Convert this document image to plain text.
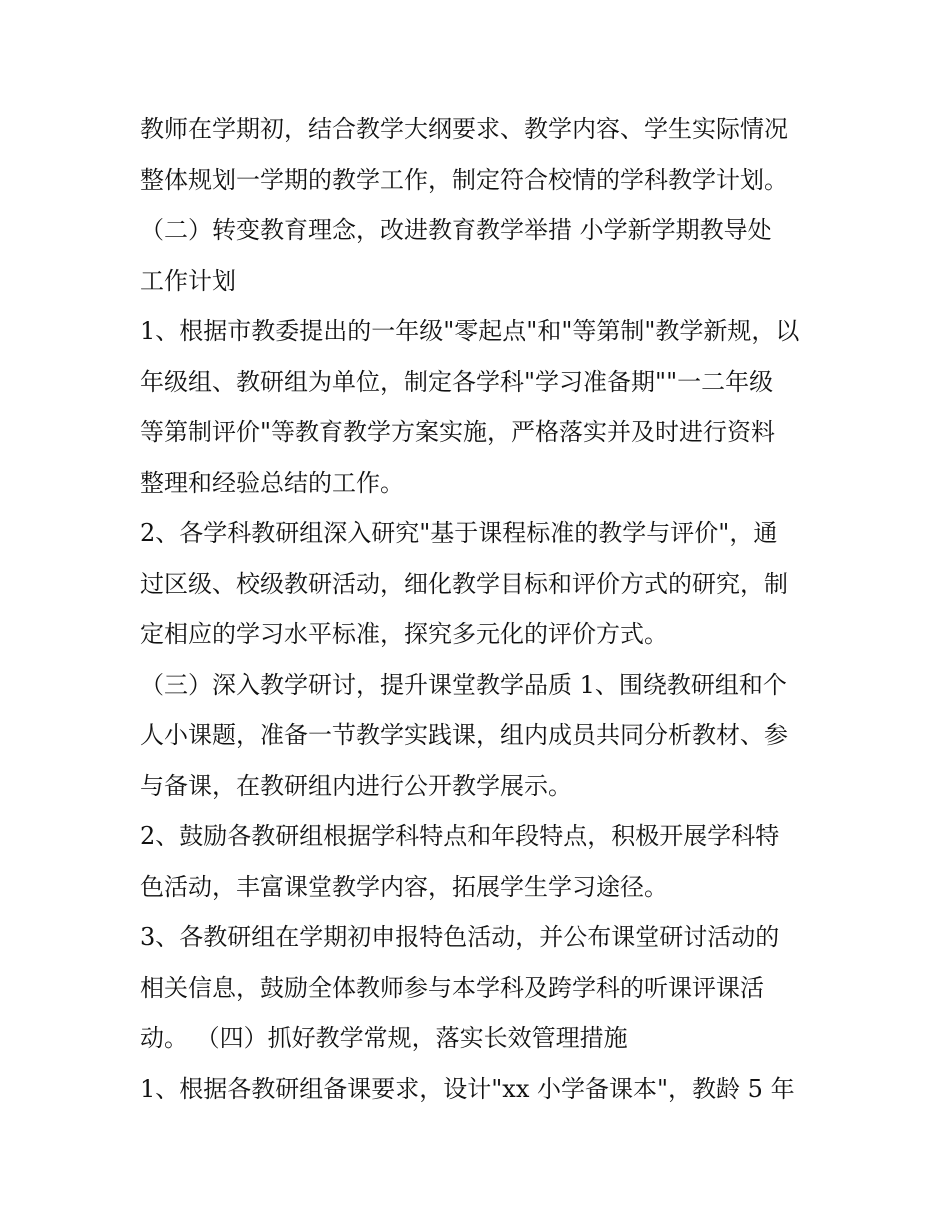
教师在学期初，结合教学大纲要求、教学内容、学生实际情况
整体规划一学期的教学工作，制定符合校情的学科教学计划。
（二）转变教育理念，改进教育教学举措 小学新学期教导处
工作计划
1、根据市教委提出的一年级"零起点"和"等第制"教学新规，以
年级组、教研组为单位，制定各学科"学习准备期""一二年级
等第制评价"等教育教学方案实施，严格落实并及时进行资料
整理和经验总结的工作。
2、各学科教研组深入研究"基于课程标准的教学与评价"，通
过区级、校级教研活动，细化教学目标和评价方式的研究，制
定相应的学习水平标准，探究多元化的评价方式。
（三）深入教学研讨，提升课堂教学品质 1、围绕教研组和个
人小课题，准备一节教学实践课，组内成员共同分析教材、参
与备课，在教研组内进行公开教学展示。
2、鼓励各教研组根据学科特点和年段特点，积极开展学科特
色活动，丰富课堂教学内容，拓展学生学习途径。
3、各教研组在学期初申报特色活动，并公布课堂研讨活动的
相关信息，鼓励全体教师参与本学科及跨学科的听课评课活
动。 （四）抓好教学常规，落实长效管理措施
1、根据各教研组备课要求，设计"xx 小学备课本"，教龄 5 年
